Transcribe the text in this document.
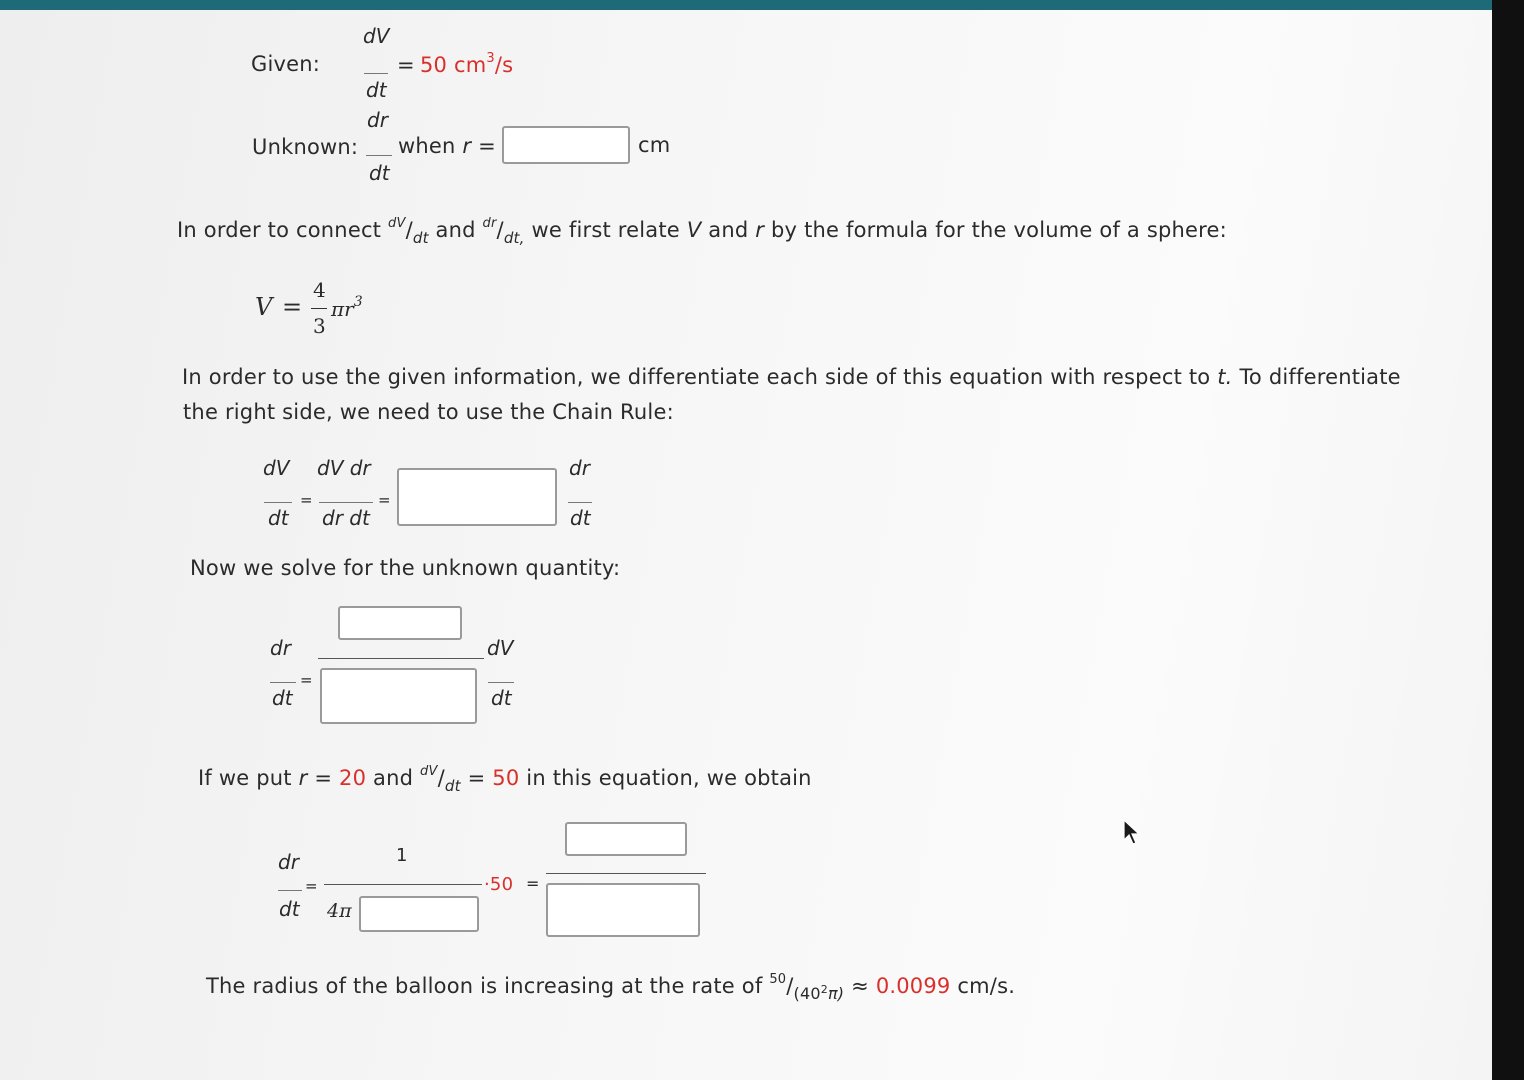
Given:
dV
dt
= 50 $cm^3/s$
dr
Unknown:
dt
when r =	cm
In order to connect $^{dV}/_{dt}$ and $^{dr}/_{dt,}$ we first relate V and r by the formula for the volume of a sphere:
V =
4
3
$\pi r^3$
In order to use the given information, we differentiate each side of this equation with respect to t. To differentiate
the right side, we need to use the Chain Rule:
dV
dt
=
dV dr
dr dt
=
dr
dt
Now we solve for the unknown quantity:
dr
dt
=
dV
dt
If we put r = 20 and $^{dV}/_{dt} = 50$ in this equation, we obtain
dr
dt
=
1
4π
·50 =
The radius of the balloon is increasing at the rate of $^{50}/_{(40^2\pi)} \approx 0.0099$ cm/s.
